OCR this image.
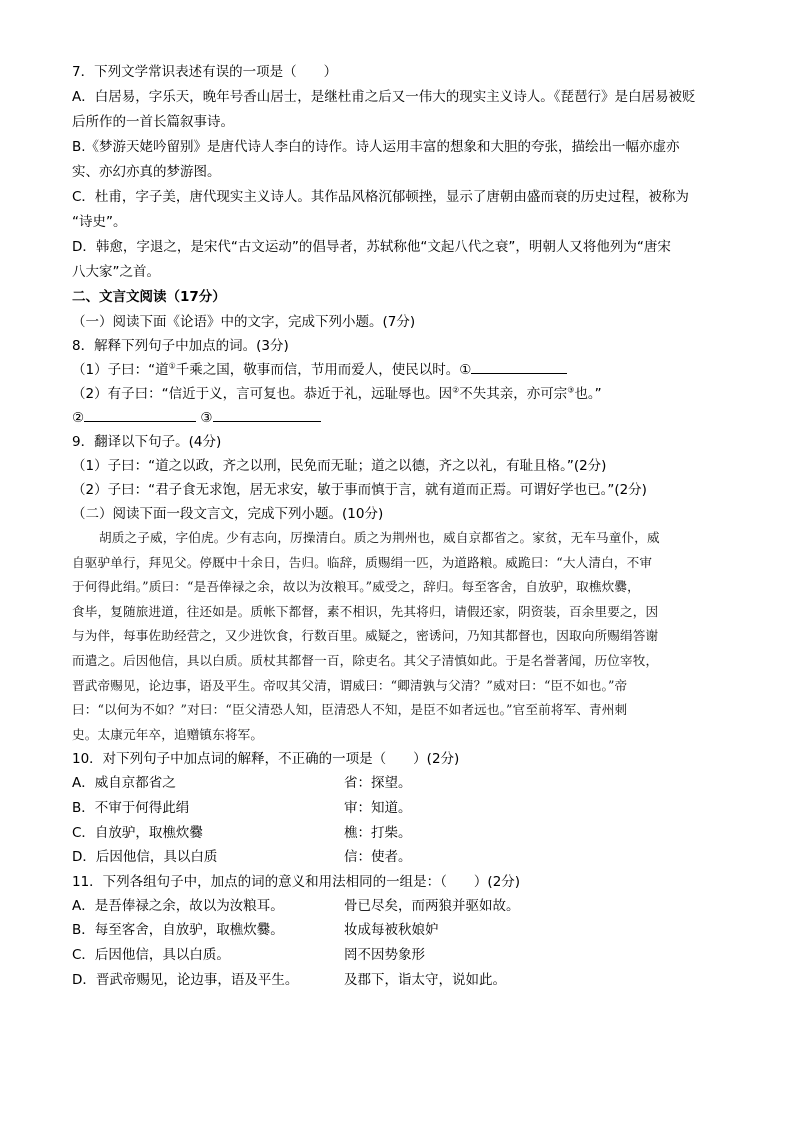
7．下列文学常识表述有误的一项是（　　）
A．白居易，字乐天，晚年号香山居士，是继杜甫之后又一伟大的现实主义诗人。《琵琶行》是白居易被贬
后所作的一首长篇叙事诗。
B.《梦游天姥吟留别》是唐代诗人李白的诗作。诗人运用丰富的想象和大胆的夸张，描绘出一幅亦虚亦
实、亦幻亦真的梦游图。
C．杜甫，字子美，唐代现实主义诗人。其作品风格沉郁顿挫，显示了唐朝由盛而衰的历史过程，被称为
“诗史”。
D．韩愈，字退之，是宋代“古文运动”的倡导者，苏轼称他“文起八代之衰”，明朝人又将他列为“唐宋
八大家”之首。
二、文言文阅读（17分）
（一）阅读下面《论语》中的文字，完成下列小题。(7分)
8．解释下列句子中加点的词。(3分)
（1）子曰：“道①千乘之国，敬事而信，节用而爱人，使民以时。①
（2）有子曰：“信近于义，言可复也。恭近于礼，远耻辱也。因②不失其亲，亦可宗③也。”
②	③
9．翻译以下句子。(4分)
（1）子曰：“道之以政，齐之以刑，民免而无耻；道之以德，齐之以礼，有耻且格。”(2分)
（2）子曰：“君子食无求饱，居无求安，敏于事而慎于言，就有道而正焉。可谓好学也已。”(2分)
（二）阅读下面一段文言文，完成下列小题。(10分)
胡质之子威，字伯虎。少有志向，厉操清白。质之为荆州也，威自京都省之。家贫，无车马童仆，威
自驱驴单行，拜见父。停厩中十余日，告归。临辞，质赐绢一匹，为道路粮。威跪曰：“大人清白，不审
于何得此绢。”质曰：“是吾俸禄之余，故以为汝粮耳。”威受之，辞归。每至客舍，自放驴，取樵炊爨，
食毕，复随旅进道，往还如是。质帐下都督，素不相识，先其将归，请假还家，阴资装，百余里要之，因
与为伴，每事佐助经营之，又少进饮食，行数百里。威疑之，密诱问，乃知其都督也，因取向所赐绢答谢
而遣之。后因他信，具以白质。质杖其都督一百，除吏名。其父子清慎如此。于是名誉著闻，历位宰牧，
晋武帝赐见，论边事，语及平生。帝叹其父清，谓威曰：“卿清孰与父清？”威对曰：“臣不如也。”帝
曰：“以何为不如？”对曰：“臣父清恐人知，臣清恐人不知，是臣不如者远也。”官至前将军、青州刺
史。太康元年卒，追赠镇东将军。
10．对下列句子中加点词的解释，不正确的一项是（　　）(2分)
A．威自京都省之	省：探望。
B．不审于何得此绢	审：知道。
C．自放驴，取樵炊爨	樵：打柴。
D．后因他信，具以白质	信：使者。
11．下列各组句子中，加点的词的意义和用法相同的一组是：（　　）(2分)
A．是吾俸禄之余，故以为汝粮耳。	骨已尽矣，而两狼并驱如故。
B．每至客舍，自放驴，取樵炊爨。	妆成每被秋娘妒
C．后因他信，具以白质。	罔不因势象形
D．晋武帝赐见，论边事，语及平生。	及郡下，诣太守，说如此。
